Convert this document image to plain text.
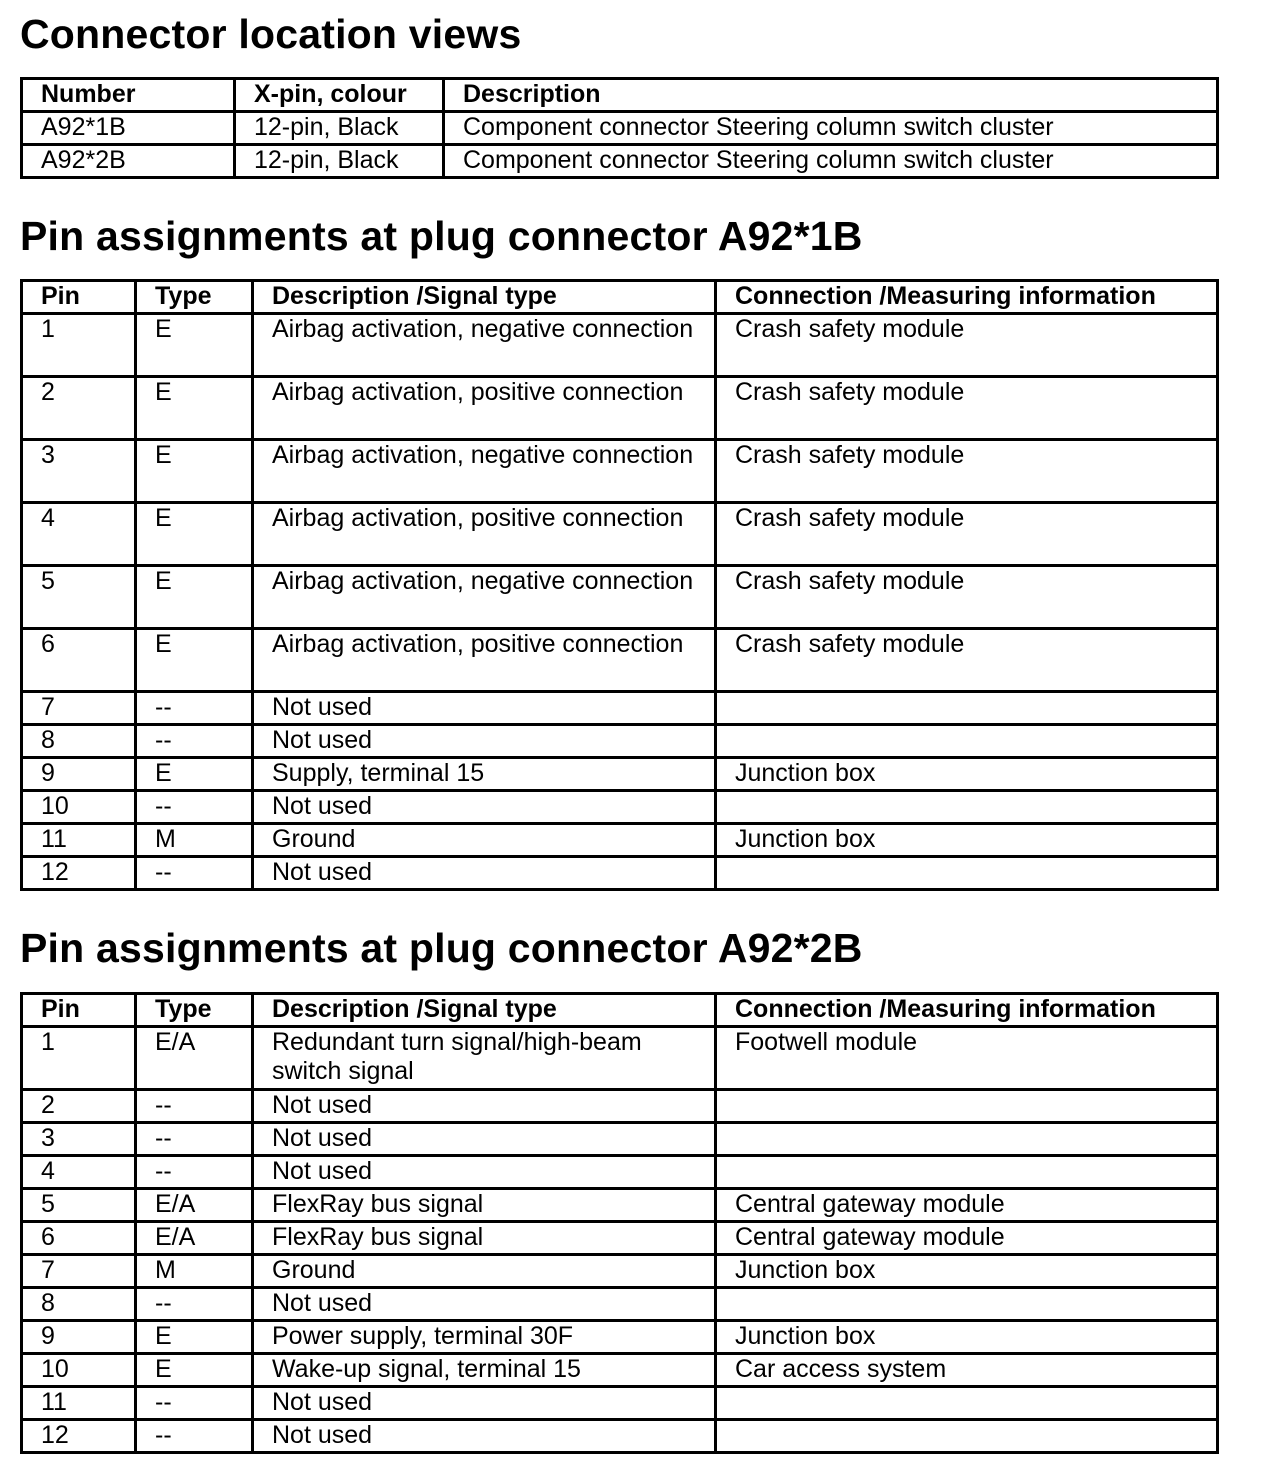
Connector location views
Number	X-pin, colour	Description
A92*1B	12-pin, Black	Component connector Steering column switch cluster
A92*2B	12-pin, Black	Component connector Steering column switch cluster
Pin assignments at plug connector A92*1B
Pin	Type	Description /Signal type	Connection /Measuring information
1	E	Airbag activation, negative connection	Crash safety module
2	E	Airbag activation, positive connection	Crash safety module
3	E	Airbag activation, negative connection	Crash safety module
4	E	Airbag activation, positive connection	Crash safety module
5	E	Airbag activation, negative connection	Crash safety module
6	E	Airbag activation, positive connection	Crash safety module
7	--	Not used	
8	--	Not used	
9	E	Supply, terminal 15	Junction box
10	--	Not used	
11	M	Ground	Junction box
12	--	Not used	
Pin assignments at plug connector A92*2B
Pin	Type	Description /Signal type	Connection /Measuring information
1	E/A	Redundant turn signal/high-beam switch signal	Footwell module
2	--	Not used	
3	--	Not used	
4	--	Not used	
5	E/A	FlexRay bus signal	Central gateway module
6	E/A	FlexRay bus signal	Central gateway module
7	M	Ground	Junction box
8	--	Not used	
9	E	Power supply, terminal 30F	Junction box
10	E	Wake-up signal, terminal 15	Car access system
11	--	Not used	
12	--	Not used	
